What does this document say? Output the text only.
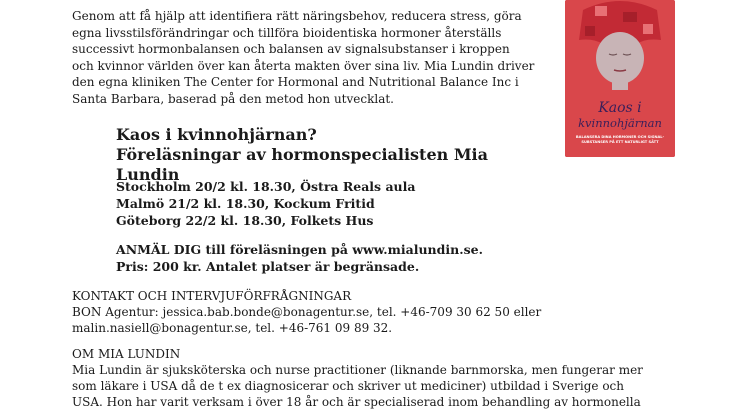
Genom att få hjälp att identifiera rätt näringsbehov, reducera stress, göra
egna livsstilsförändringar och tillföra bioidentiska hormoner återställs
successivt hormonbalansen och balansen av signalsubstanser i kroppen
och kvinnor världen över kan återta makten över sina liv. Mia Lundin driver
den egna kliniken The Center for Hormonal and Nutritional Balance Inc i
Santa Barbara, baserad på den metod hon utvecklat.
Kaos i kvinnohjärnan?
Föreläsningar av hormonspecialisten Mia Lundin
Stockholm 20/2 kl. 18.30, Östra Reals aula
Malmö 21/2 kl. 18.30, Kockum Fritid
Göteborg 22/2 kl. 18.30, Folkets Hus
ANMÄL DIG till föreläsningen på www.mialundin.se.
Pris: 200 kr. Antalet platser är begränsade.
KONTAKT OCH INTERVJUFÖRFRÅGNINGAR
BON Agentur: jessica.bab.bonde@bonagentur.se, tel. +46-709 30 62 50 eller
malin.nasiell@bonagentur.se, tel. +46-761 09 89 32.
OM MIA LUNDIN
Mia Lundin är sjuksköterska och nurse practitioner (liknande barnmorska, men fungerar mer
som läkare i USA då de t ex diagnosicerar och skriver ut mediciner) utbildad i Sverige och
USA. Hon har varit verksam i över 18 år och är specialiserad inom behandling av hormonella
Kaos i
kvinnohjärnan
BALANSERA DINA HORMONER OCH SIGNAL-
SUBSTANSER PÅ ETT NATURLIGT SÄTT
